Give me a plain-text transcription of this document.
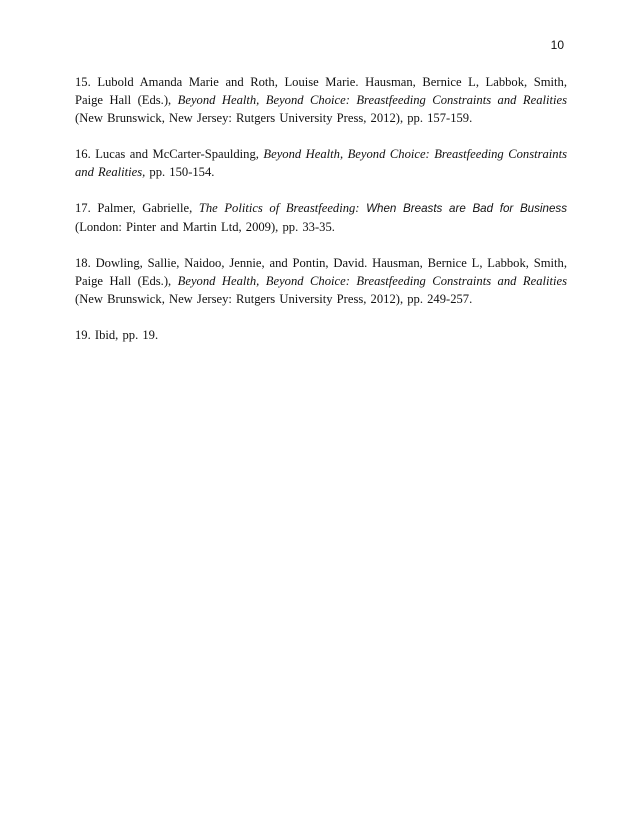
10

15. Lubold Amanda Marie and Roth, Louise Marie. Hausman, Bernice L, Labbok, Smith, Paige Hall (Eds.), Beyond Health, Beyond Choice: Breastfeeding Constraints and Realities (New Brunswick, New Jersey: Rutgers University Press, 2012), pp. 157-159.
16. Lucas and McCarter-Spaulding, Beyond Health, Beyond Choice: Breastfeeding Constraints and Realities, pp. 150-154.
17. Palmer, Gabrielle, The Politics of Breastfeeding: When Breasts are Bad for Business (London: Pinter and Martin Ltd, 2009), pp. 33-35.
18. Dowling, Sallie, Naidoo, Jennie, and Pontin, David. Hausman, Bernice L, Labbok, Smith, Paige Hall (Eds.), Beyond Health, Beyond Choice: Breastfeeding Constraints and Realities (New Brunswick, New Jersey: Rutgers University Press, 2012), pp. 249-257.
19. Ibid, pp. 19.
